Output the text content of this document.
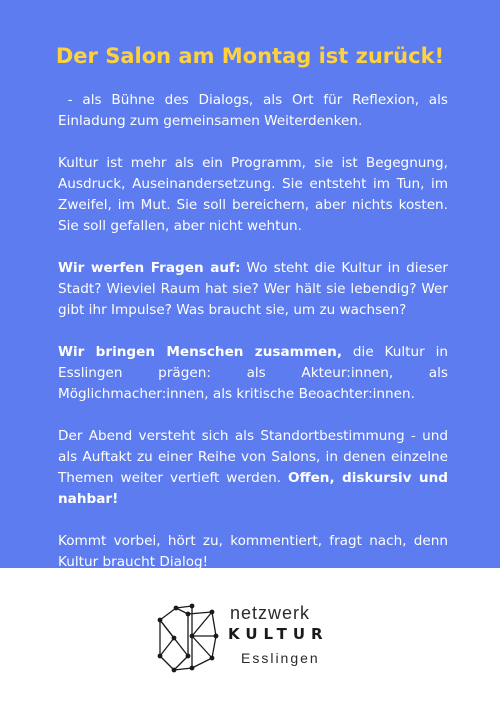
Der Salon am Montag ist zurück!

- als Bühne des Dialogs, als Ort für Reflexion, als Einladung zum gemeinsamen Weiterdenken.

Kultur ist mehr als ein Programm, sie ist Begegnung, Ausdruck, Auseinandersetzung. Sie entsteht im Tun, im Zweifel, im Mut. Sie soll bereichern, aber nichts kosten. Sie soll gefallen, aber nicht wehtun.

Wir werfen Fragen auf: Wo steht die Kultur in dieser Stadt? Wieviel Raum hat sie? Wer hält sie lebendig? Wer gibt ihr Impulse? Was braucht sie, um zu wachsen?

Wir bringen Menschen zusammen, die Kultur in Esslingen prägen: als Akteur:innen, als Möglichmacher:innen, als kritische Beoachter:innen.

Der Abend versteht sich als Standortbestimmung - und als Auftakt zu einer Reihe von Salons, in denen einzelne Themen weiter vertieft werden. Offen, diskursiv und nahbar!

Kommt vorbei, hört zu, kommentiert, fragt nach, denn Kultur braucht Dialog!

netzwerk
KULTUR
Esslingen
